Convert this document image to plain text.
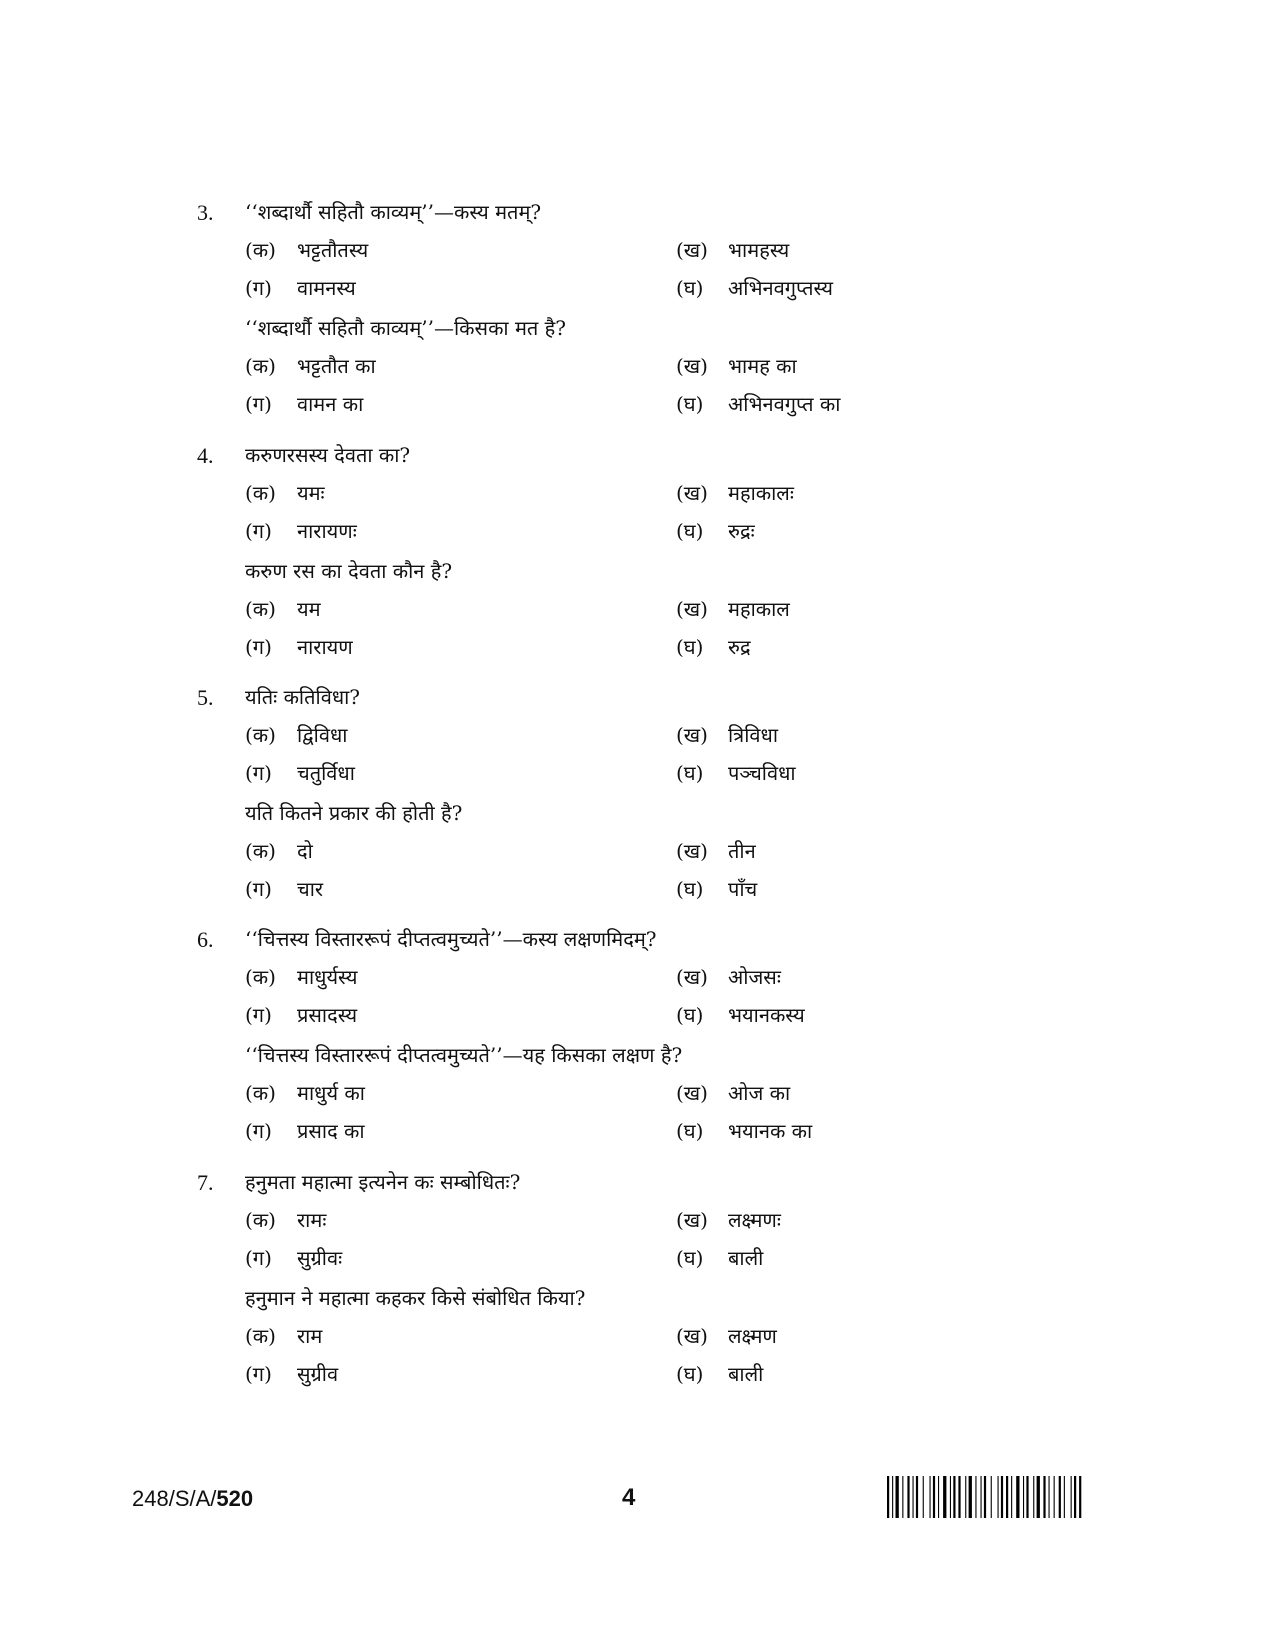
3. ‘‘शब्दार्थौ सहितौ काव्यम्’’—कस्य मतम्?
(क) भट्टतौतस्य	(ख) भामहस्य
(ग) वामनस्य	(घ) अभिनवगुप्तस्य
‘‘शब्दार्थौ सहितौ काव्यम्’’—किसका मत है?
(क) भट्टतौत का	(ख) भामह का
(ग) वामन का	(घ) अभिनवगुप्त का
4. करुणरसस्य देवता का?
(क) यमः	(ख) महाकालः
(ग) नारायणः	(घ) रुद्रः
करुण रस का देवता कौन है?
(क) यम	(ख) महाकाल
(ग) नारायण	(घ) रुद्र
5. यतिः कतिविधा?
(क) द्विविधा	(ख) त्रिविधा
(ग) चतुर्विधा	(घ) पञ्चविधा
यति कितने प्रकार की होती है?
(क) दो	(ख) तीन
(ग) चार	(घ) पाँच
6. ‘‘चित्तस्य विस्ताररूपं दीप्तत्वमुच्यते’’—कस्य लक्षणमिदम्?
(क) माधुर्यस्य	(ख) ओजसः
(ग) प्रसादस्य	(घ) भयानकस्य
‘‘चित्तस्य विस्ताररूपं दीप्तत्वमुच्यते’’—यह किसका लक्षण है?
(क) माधुर्य का	(ख) ओज का
(ग) प्रसाद का	(घ) भयानक का
7. हनुमता महात्मा इत्यनेन कः सम्बोधितः?
(क) रामः	(ख) लक्ष्मणः
(ग) सुग्रीवः	(घ) बाली
हनुमान ने महात्मा कहकर किसे संबोधित किया?
(क) राम	(ख) लक्ष्मण
(ग) सुग्रीव	(घ) बाली
248/S/A/520	4
